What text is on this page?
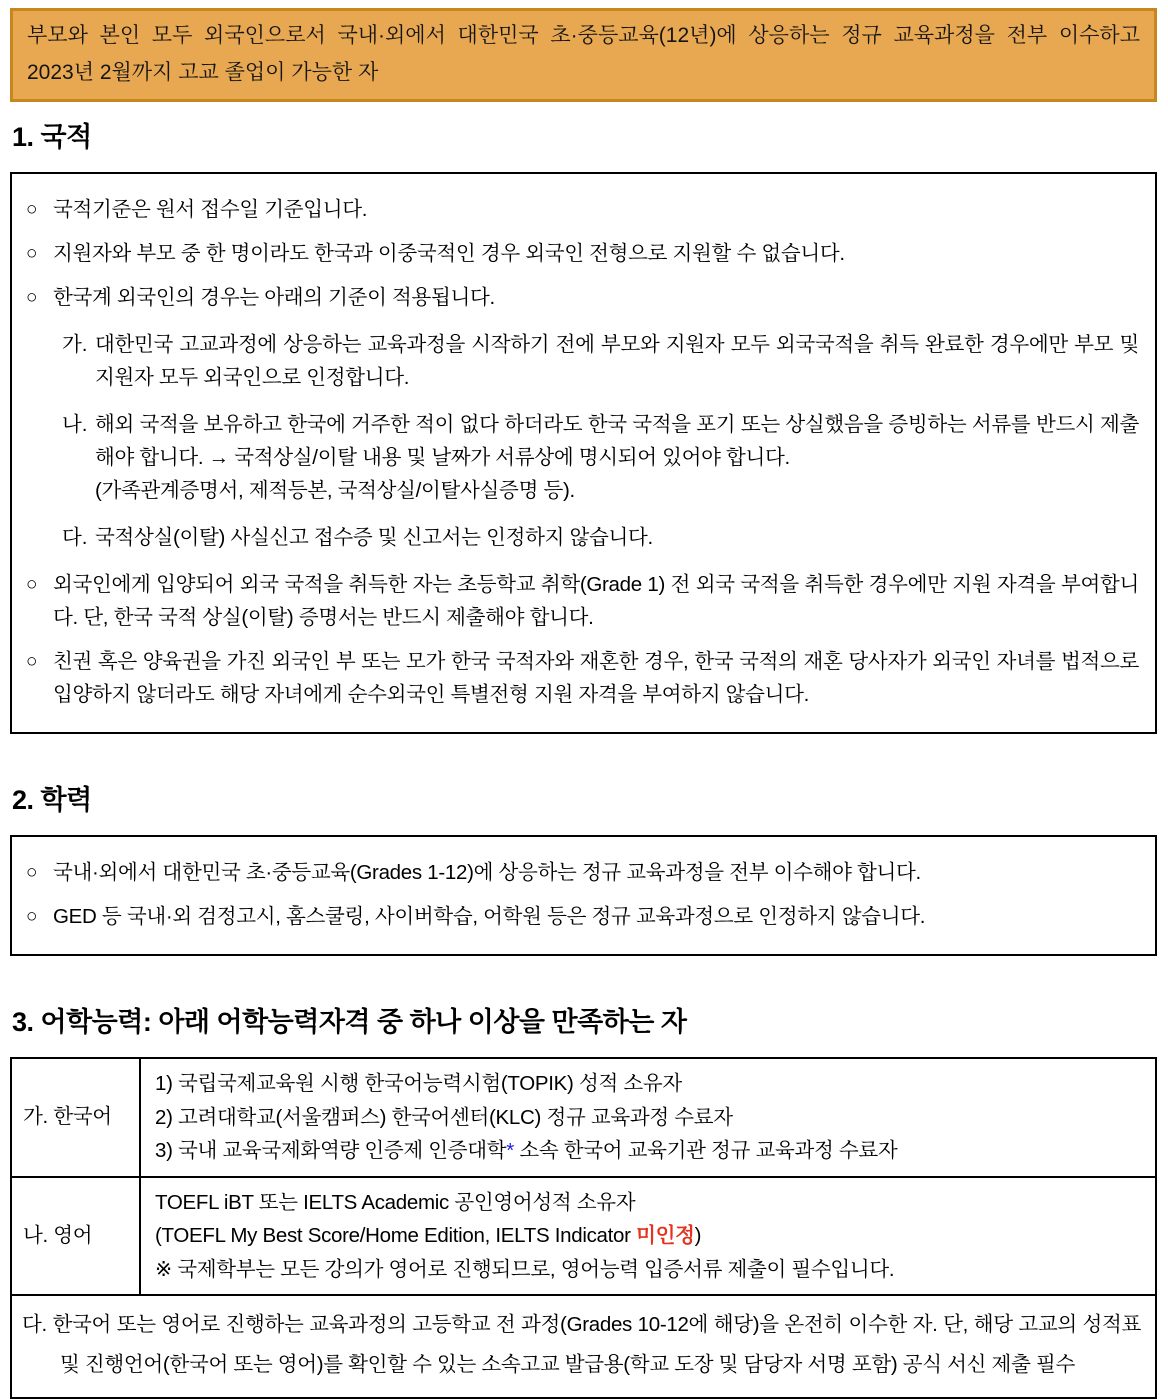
부모와 본인 모두 외국인으로서 국내·외에서 대한민국 초·중등교육(12년)에 상응하는 정규 교육과정을 전부 이수하고
2023년 2월까지 고교 졸업이 가능한 자
1. 국적
○ 국적기준은 원서 접수일 기준입니다.
○ 지원자와 부모 중 한 명이라도 한국과 이중국적인 경우 외국인 전형으로 지원할 수 없습니다.
○ 한국계 외국인의 경우는 아래의 기준이 적용됩니다.
가. 대한민국 고교과정에 상응하는 교육과정을 시작하기 전에 부모와 지원자 모두 외국국적을 취득 완료한 경우에만 부모 및 지원자 모두 외국인으로 인정합니다.
나. 해외 국적을 보유하고 한국에 거주한 적이 없다 하더라도 한국 국적을 포기 또는 상실했음을 증빙하는 서류를 반드시 제출해야 합니다. → 국적상실/이탈 내용 및 날짜가 서류상에 명시되어 있어야 합니다.
(가족관계증명서, 제적등본, 국적상실/이탈사실증명 등).
다. 국적상실(이탈) 사실신고 접수증 및 신고서는 인정하지 않습니다.
○ 외국인에게 입양되어 외국 국적을 취득한 자는 초등학교 취학(Grade 1) 전 외국 국적을 취득한 경우에만 지원 자격을 부여합니다. 단, 한국 국적 상실(이탈) 증명서는 반드시 제출해야 합니다.
○ 친권 혹은 양육권을 가진 외국인 부 또는 모가 한국 국적자와 재혼한 경우, 한국 국적의 재혼 당사자가 외국인 자녀를 법적으로 입양하지 않더라도 해당 자녀에게 순수외국인 특별전형 지원 자격을 부여하지 않습니다.
2. 학력
○ 국내·외에서 대한민국 초·중등교육(Grades 1-12)에 상응하는 정규 교육과정을 전부 이수해야 합니다.
○ GED 등 국내·외 검정고시, 홈스쿨링, 사이버학습, 어학원 등은 정규 교육과정으로 인정하지 않습니다.
3. 어학능력: 아래 어학능력자격 중 하나 이상을 만족하는 자
가. 한국어	1) 국립국제교육원 시행 한국어능력시험(TOPIK) 성적 소유자
2) 고려대학교(서울캠퍼스) 한국어센터(KLC) 정규 교육과정 수료자
3) 국내 교육국제화역량 인증제 인증대학* 소속 한국어 교육기관 정규 교육과정 수료자

나. 영어	TOEFL iBT 또는 IELTS Academic 공인영어성적 소유자
(TOEFL My Best Score/Home Edition, IELTS Indicator 미인정)
※ 국제학부는 모든 강의가 영어로 진행되므로, 영어능력 입증서류 제출이 필수입니다.

다. 한국어 또는 영어로 진행하는 교육과정의 고등학교 전 과정(Grades 10-12에 해당)을 온전히 이수한 자. 단, 해당 고교의 성적표 및 진행언어(한국어 또는 영어)를 확인할 수 있는 소속고교 발급용(학교 도장 및 담당자 서명 포함) 공식 서신 제출 필수	
